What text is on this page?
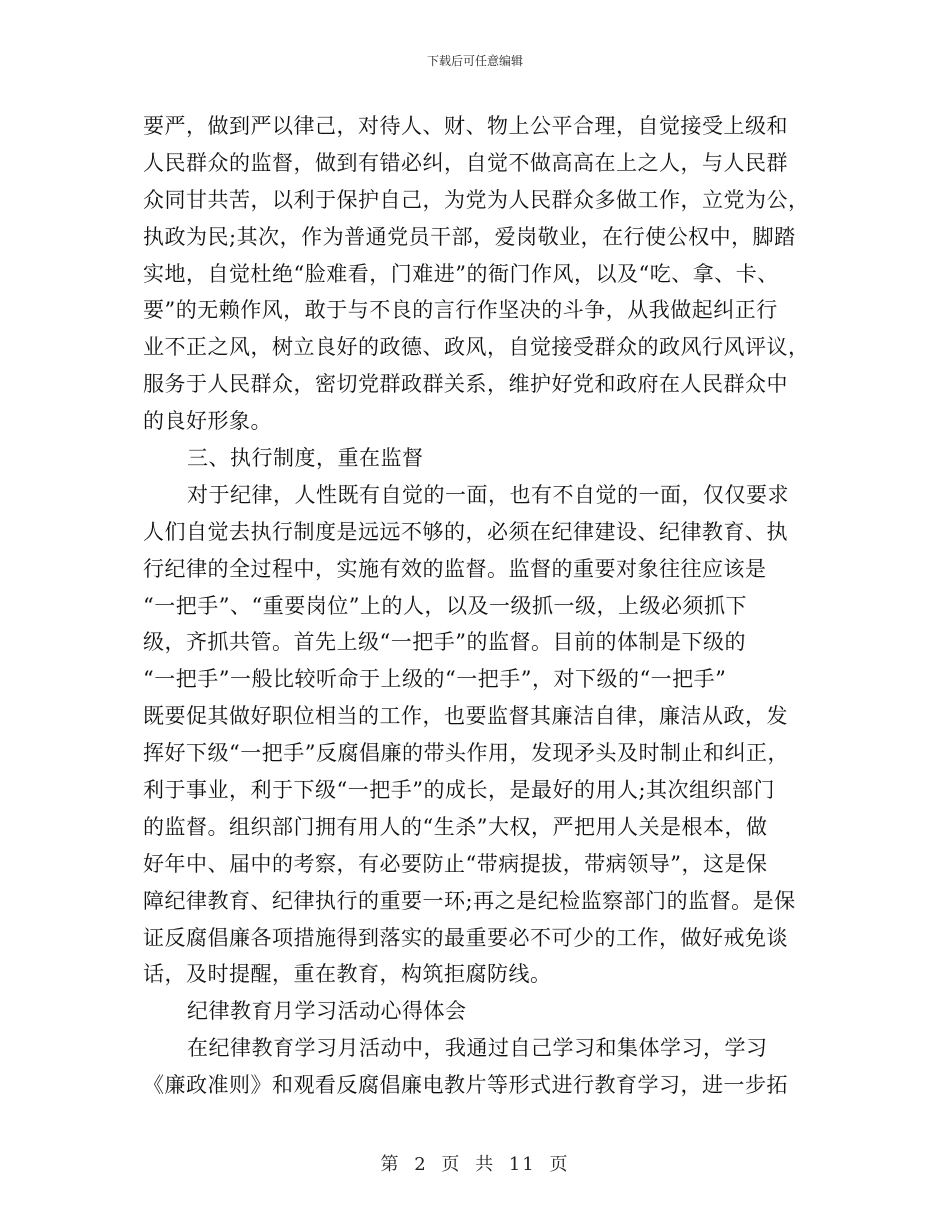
下载后可任意编辑
要严，做到严以律己，对待人、财、物上公平合理，自觉接受上级和
人民群众的监督，做到有错必纠，自觉不做高高在上之人，与人民群
众同甘共苦，以利于保护自己，为党为人民群众多做工作，立党为公，
执政为民;其次，作为普通党员干部，爱岗敬业，在行使公权中，脚踏
实地，自觉杜绝“脸难看，门难进”的衙门作风，以及“吃、拿、卡、
要”的无赖作风，敢于与不良的言行作坚决的斗争，从我做起纠正行
业不正之风，树立良好的政德、政风，自觉接受群众的政风行风评议，
服务于人民群众，密切党群政群关系，维护好党和政府在人民群众中
的良好形象。
三、执行制度，重在监督
对于纪律，人性既有自觉的一面，也有不自觉的一面，仅仅要求
人们自觉去执行制度是远远不够的，必须在纪律建设、纪律教育、执
行纪律的全过程中，实施有效的监督。监督的重要对象往往应该是
“一把手”、“重要岗位”上的人，以及一级抓一级，上级必须抓下
级，齐抓共管。首先上级“一把手”的监督。目前的体制是下级的
“一把手”一般比较听命于上级的“一把手”，对下级的“一把手”
既要促其做好职位相当的工作，也要监督其廉洁自律，廉洁从政，发
挥好下级“一把手”反腐倡廉的带头作用，发现矛头及时制止和纠正，
利于事业，利于下级“一把手”的成长，是最好的用人;其次组织部门
的监督。组织部门拥有用人的“生杀”大权，严把用人关是根本，做
好年中、届中的考察，有必要防止“带病提拔，带病领导”，这是保
障纪律教育、纪律执行的重要一环;再之是纪检监察部门的监督。是保
证反腐倡廉各项措施得到落实的最重要必不可少的工作，做好戒免谈
话，及时提醒，重在教育，构筑拒腐防线。
纪律教育月学习活动心得体会
在纪律教育学习月活动中，我通过自己学习和集体学习，学习
《廉政准则》和观看反腐倡廉电教片等形式进行教育学习，进一步拓
第 2 页 共 11 页
